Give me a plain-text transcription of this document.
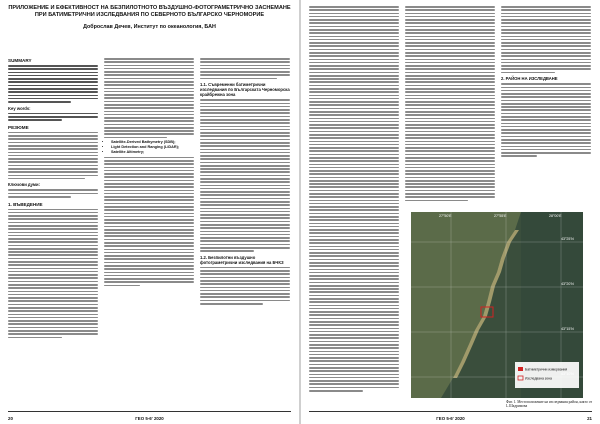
ПРИЛОЖЕНИЕ И ЕФЕКТИВНОСТ НА БЕЗПИЛОТНОТО ВЪЗДУШНО-ФОТОГРАМЕТРИЧНО ЗАСНЕМАНЕ ПРИ БАТИМЕТРИЧНИ ИЗСЛЕДВАНИЯ ПО СЕВЕРНОТО БЪЛГАРСКО ЧЕРНОМОРИЕ

Доброслав Дечев, Институт по океанология, БАН
SUMMARY
Key words:
РЕЗЮМЕ
Ключови думи:
1. ВЪВЕДЕНИЕ
• Satellite-Derived Bathymetry (SDB);
• Light Detection and Ranging (LiDAR);
• Satellite Altimetry;
1.1. Съвременни батиметрични изследвания по Българската Черноморска крайбрежна зона
1.2. Безпилотни въздушно фотограметрични изследвания на БЧКЗ
20	ГЕО 5-6' 2020
2. РАЙОН НА ИЗСЛЕДВАНЕ
27°50'E	27°55'E	28°00'E
43°25'N
43°20'N
43°15'N
Батиметрични измервания
Изследвана зона
Фиг. 1. Местоположение на изследвания район, както от L.Шадримова
ГЕО 5-6' 2020	21
